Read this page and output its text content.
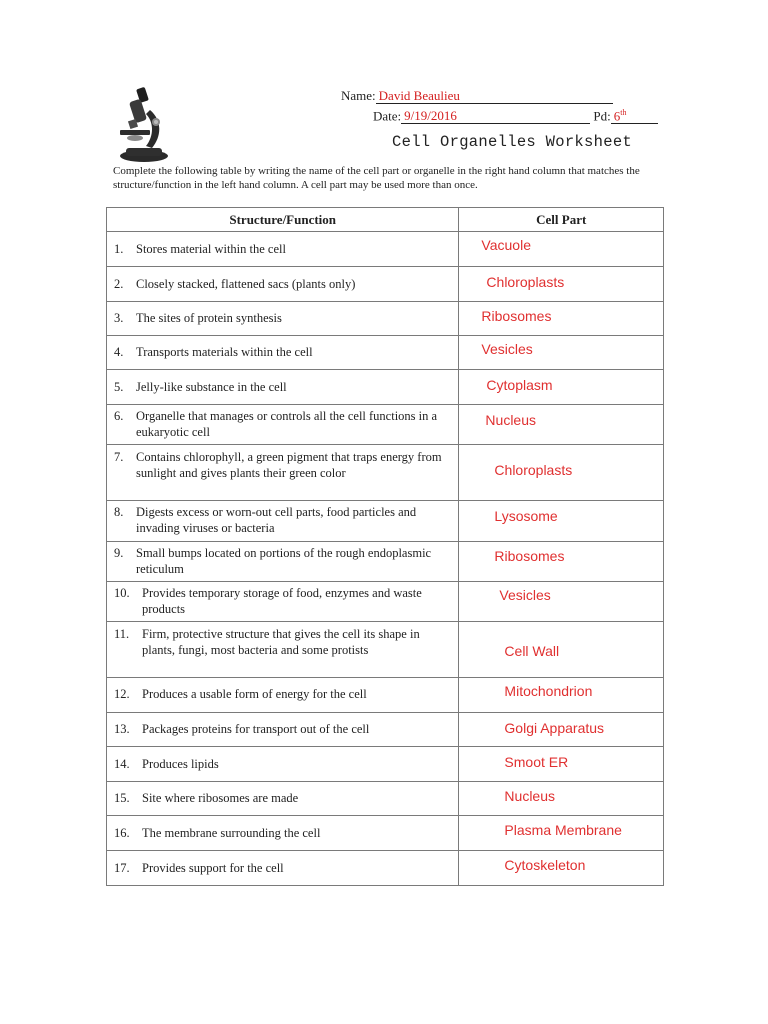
Name: David Beaulieu
Date: 9/19/2016	Pd: 6th
Cell Organelles Worksheet
Complete the following table by writing the name of the cell part or organelle in the right hand column that matches the structure/function in the left hand column. A cell part may be used more than once.
Structure/Function	Cell Part

1. Stores material within the cell	Vacuole

2. Closely stacked, flattened sacs (plants only)	Chloroplasts

3. The sites of protein synthesis	Ribosomes

4. Transports materials within the cell	Vesicles

5. Jelly-like substance in the cell	Cytoplasm

6. Organelle that manages or controls all the cell functions in a eukaryotic cell	Nucleus

7. Contains chlorophyll, a green pigment that traps energy from sunlight and gives plants their green color	Chloroplasts

8. Digests excess or worn-out cell parts, food particles and invading viruses or bacteria	Lysosome

9. Small bumps located on portions of the rough endoplasmic reticulum	Ribosomes

10. Provides temporary storage of food, enzymes and waste products	Vesicles

11. Firm, protective structure that gives the cell its shape in plants, fungi, most bacteria and some protists	Cell Wall

12. Produces a usable form of energy for the cell	Mitochondrion

13. Packages proteins for transport out of the cell	Golgi Apparatus

14. Produces lipids	Smoot ER

15. Site where ribosomes are made	Nucleus

16. The membrane surrounding the cell	Plasma Membrane

17. Provides support for the cell	Cytoskeleton
